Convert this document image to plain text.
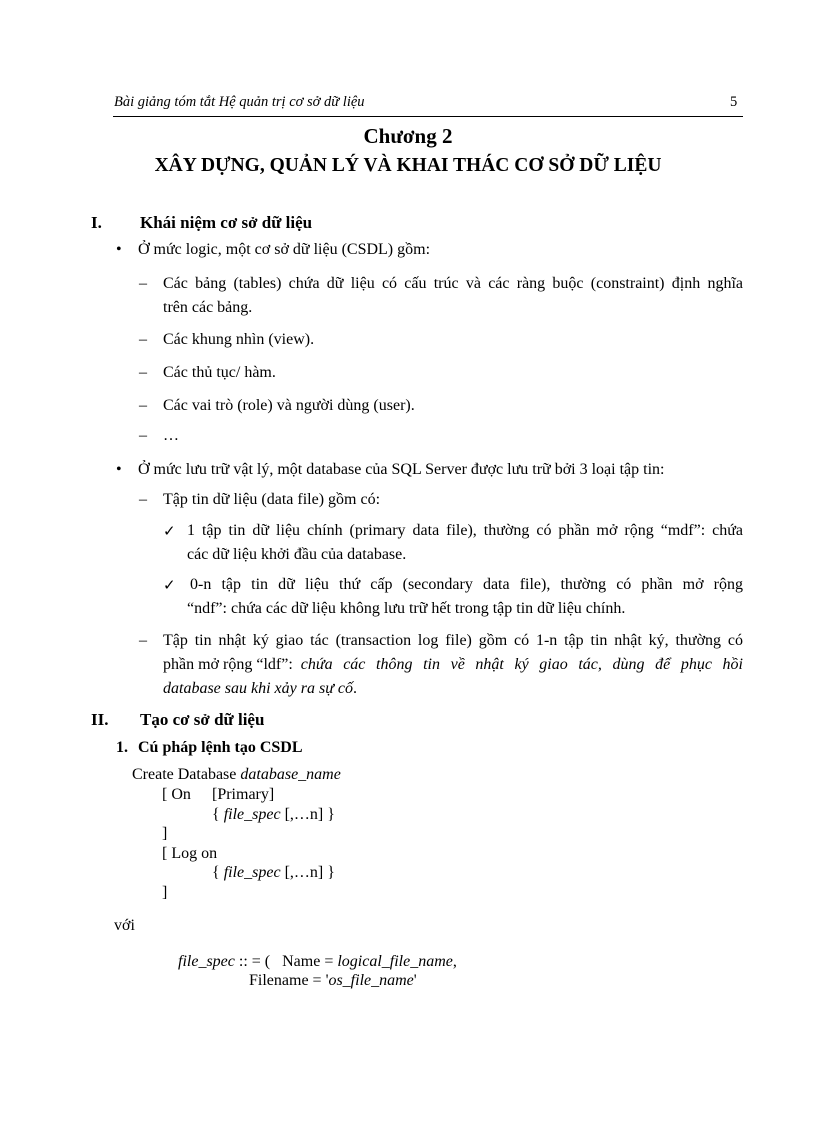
Bài giảng tóm tắt Hệ quản trị cơ sở dữ liệu	5
Chương 2
XÂY DỰNG, QUẢN LÝ VÀ KHAI THÁC CƠ SỞ DỮ LIỆU
I. Khái niệm cơ sở dữ liệu
• Ở mức logic, một cơ sở dữ liệu (CSDL) gồm:
– Các bảng (tables) chứa dữ liệu có cấu trúc và các ràng buộc (constraint) định nghĩa
trên các bảng.
– Các khung nhìn (view).
– Các thủ tục/ hàm.
– Các vai trò (role) và người dùng (user).
– …
• Ở mức lưu trữ vật lý, một database của SQL Server được lưu trữ bởi 3 loại tập tin:
– Tập tin dữ liệu (data file) gồm có:
✓ 1 tập tin dữ liệu chính (primary data file), thường có phần mở rộng “mdf”: chứa
các dữ liệu khởi đầu của database.
✓ 0-n tập tin dữ liệu thứ cấp (secondary data file), thường có phần mở rộng
“ndf”: chứa các dữ liệu không lưu trữ hết trong tập tin dữ liệu chính.
– Tập tin nhật ký giao tác (transaction log file) gồm có 1-n tập tin nhật ký, thường có
phần mở rộng “ldf”: chứa các thông tin về nhật ký giao tác, dùng để phục hồi
database sau khi xảy ra sự cố.
II. Tạo cơ sở dữ liệu
1. Cú pháp lệnh tạo CSDL
Create Database database_name
[ On [Primary]
{ file_spec [,…n] }
]
[ Log on
{ file_spec [,…n] }
]
với
file_spec :: = (   Name = logical_file_name,
Filename = 'os_file_name'
